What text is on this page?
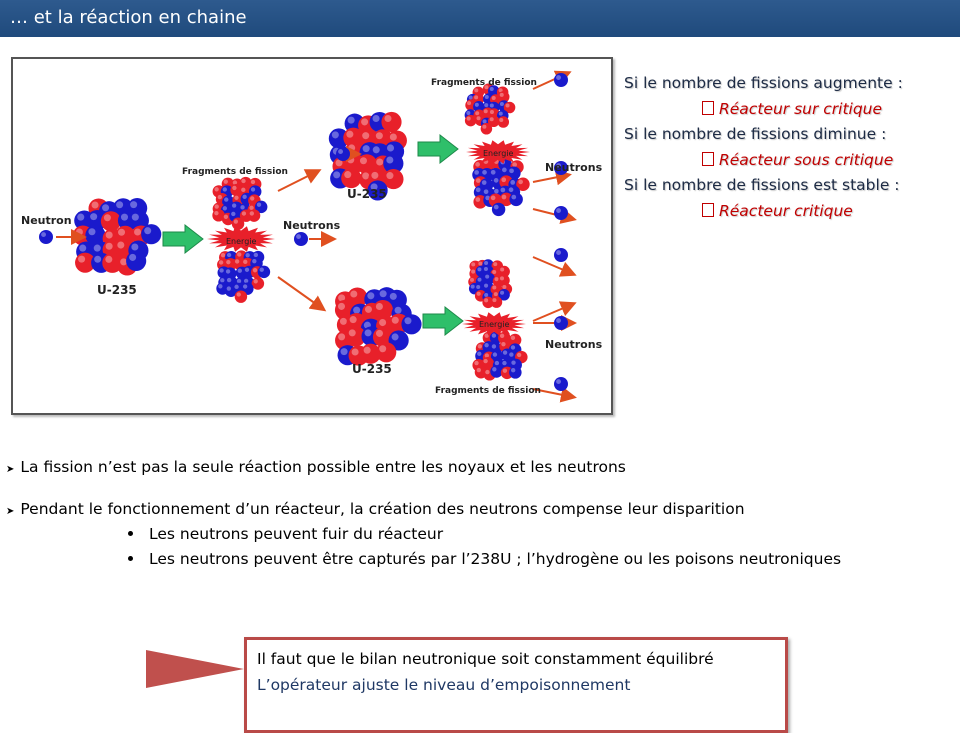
… et la réaction en chaine
Neutron
U-235
Neutrons
Fragments de fission
Fragments de fission
Fragments de fission
U-235
U-235
Neutrons
Neutrons
Energie
Energie
Energie
Si le nombre de fissions augmente :
Réacteur sur critique
Si le nombre de fissions diminue :
Réacteur sous critique
Si le nombre de fissions est stable :
Réacteur critique
➤ La fission n’est pas la seule réaction possible entre les noyaux et les neutrons
➤ Pendant le fonctionnement d’un réacteur, la création des neutrons compense leur disparition
Les neutrons peuvent fuir du réacteur
Les neutrons peuvent être capturés par l’238U ; l’hydrogène ou les poisons neutroniques
Il faut que le bilan neutronique soit constamment équilibré
L’opérateur ajuste le niveau d’empoisonnement
